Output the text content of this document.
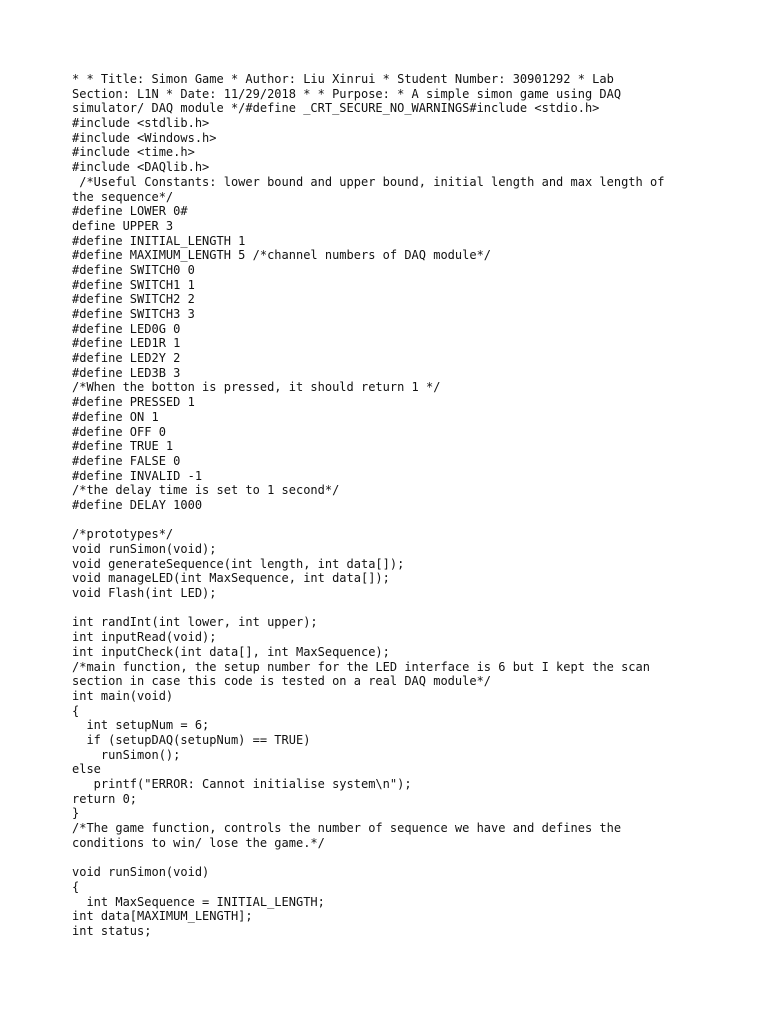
* * Title: Simon Game * Author: Liu Xinrui * Student Number: 30901292 * Lab
Section: L1N * Date: 11/29/2018 * * Purpose: * A simple simon game using DAQ
simulator/ DAQ module */#define _CRT_SECURE_NO_WARNINGS#include <stdio.h>
#include <stdlib.h>
#include <Windows.h>
#include <time.h>
#include <DAQlib.h>
/*Useful Constants: lower bound and upper bound, initial length and max length of
the sequence*/
#define LOWER 0#
define UPPER 3
#define INITIAL_LENGTH 1
#define MAXIMUM_LENGTH 5 /*channel numbers of DAQ module*/
#define SWITCH0 0
#define SWITCH1 1
#define SWITCH2 2
#define SWITCH3 3
#define LED0G 0
#define LED1R 1
#define LED2Y 2
#define LED3B 3
/*When the botton is pressed, it should return 1 */
#define PRESSED 1
#define ON 1
#define OFF 0
#define TRUE 1
#define FALSE 0
#define INVALID -1
/*the delay time is set to 1 second*/
#define DELAY 1000
/*prototypes*/
void runSimon(void);
void generateSequence(int length, int data[]);
void manageLED(int MaxSequence, int data[]);
void Flash(int LED);
int randInt(int lower, int upper);
int inputRead(void);
int inputCheck(int data[], int MaxSequence);
/*main function, the setup number for the LED interface is 6 but I kept the scan
section in case this code is tested on a real DAQ module*/
int main(void)
{
int setupNum = 6;
if (setupDAQ(setupNum) == TRUE)
runSimon();
else
printf("ERROR: Cannot initialise system\n");
return 0;
}
/*The game function, controls the number of sequence we have and defines the
conditions to win/ lose the game.*/
void runSimon(void)
{
int MaxSequence = INITIAL_LENGTH;
int data[MAXIMUM_LENGTH];
int status;
